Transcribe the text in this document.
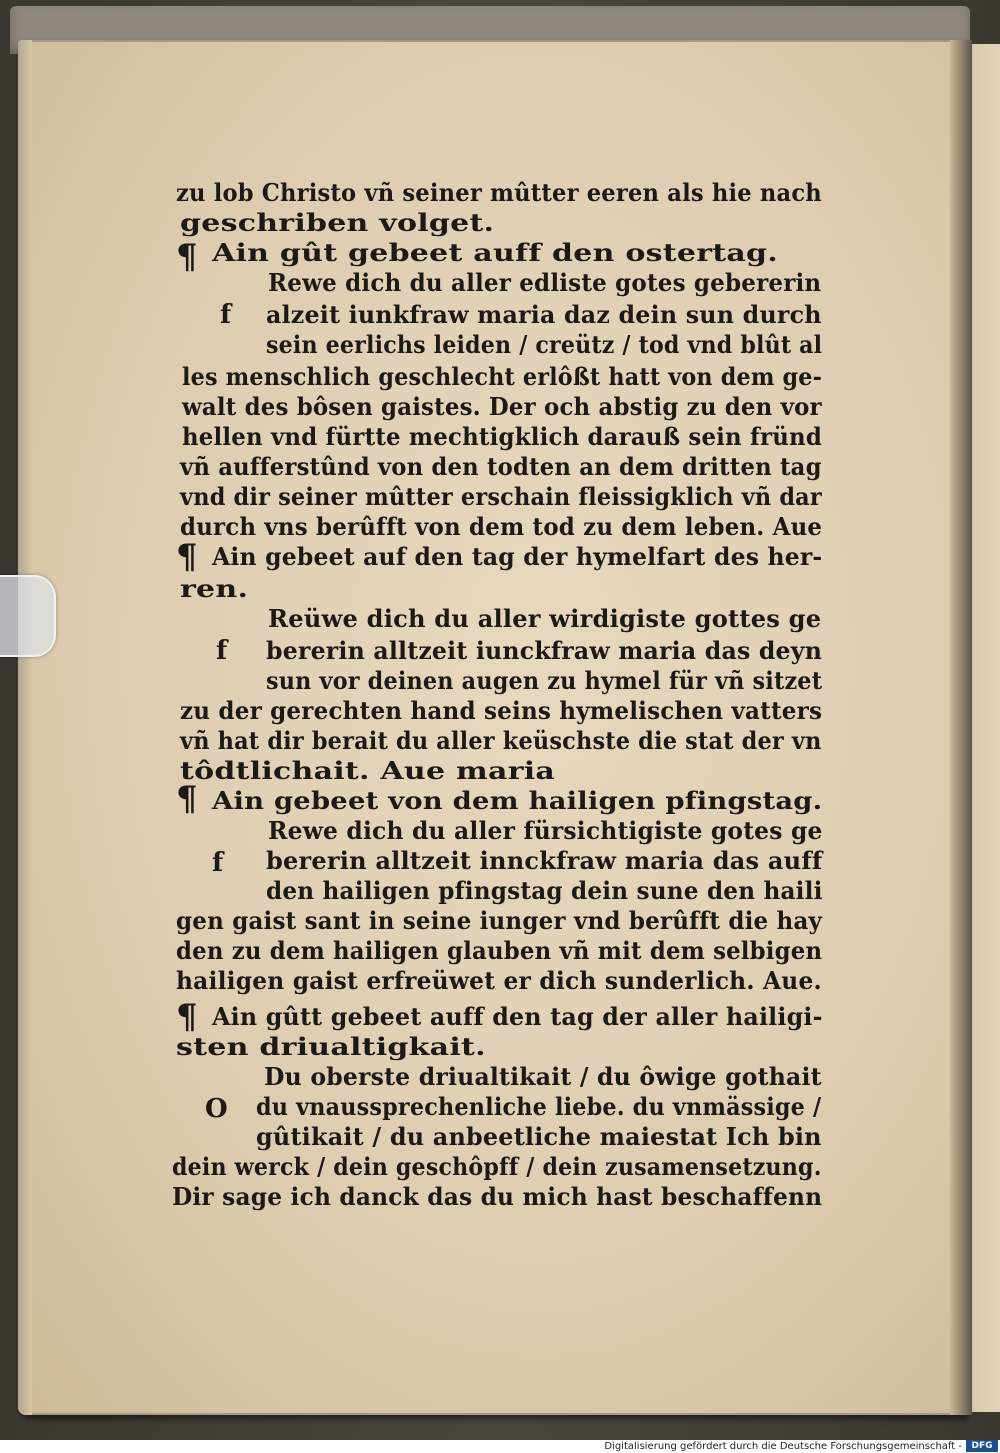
¶
¶
¶
¶
f
f
f
O
zu lob Christo vñ seiner mûtter eeren als hie nach
geschriben volget.
Ain gût gebeet auff den ostertag.
Rewe dich du aller edliste gotes gebererin
alzeit iunkfraw maria daz dein sun durch
sein eerlichs leiden / creütz / tod vnd blût al
les menschlich geschlecht erlôßt hatt von dem ge-
walt des bôsen gaistes. Der och abstig zu den vor
hellen vnd fürtte mechtigklich darauß sein fründ
vñ aufferstûnd von den todten an dem dritten tag
vnd dir seiner mûtter erschain fleissigklich vñ dar
durch vns berûfft von dem tod zu dem leben. Aue
Ain gebeet auf den tag der hymelfart des her-
ren.
Reüwe dich du aller wirdigiste gottes ge
bererin alltzeit iunckfraw maria das deyn
sun vor deinen augen zu hymel für vñ sitzet
zu der gerechten hand seins hymelischen vatters
vñ hat dir berait du aller keüschste die stat der vn
tôdtlichait. Aue maria
Ain gebeet von dem hailigen pfingstag.
Rewe dich du aller fürsichtigiste gotes ge
bererin alltzeit innckfraw maria das auff
den hailigen pfingstag dein sune den haili
gen gaist sant in seine iunger vnd berûfft die hay
den zu dem hailigen glauben vñ mit dem selbigen
hailigen gaist erfreüwet er dich sunderlich. Aue.
Ain gûtt gebeet auff den tag der aller hailigi-
sten driualtigkait.
Du oberste driualtikait / du ôwige gothait
du vnaussprechenliche liebe. du vnmässige /
gûtikait / du anbeetliche maiestat Ich bin
dein werck / dein geschôpff / dein zusamensetzung.
Dir sage ich danck das du mich hast beschaffenn
Digitalisierung gefördert durch die Deutsche Forschungsgemeinschaft -	DFG
